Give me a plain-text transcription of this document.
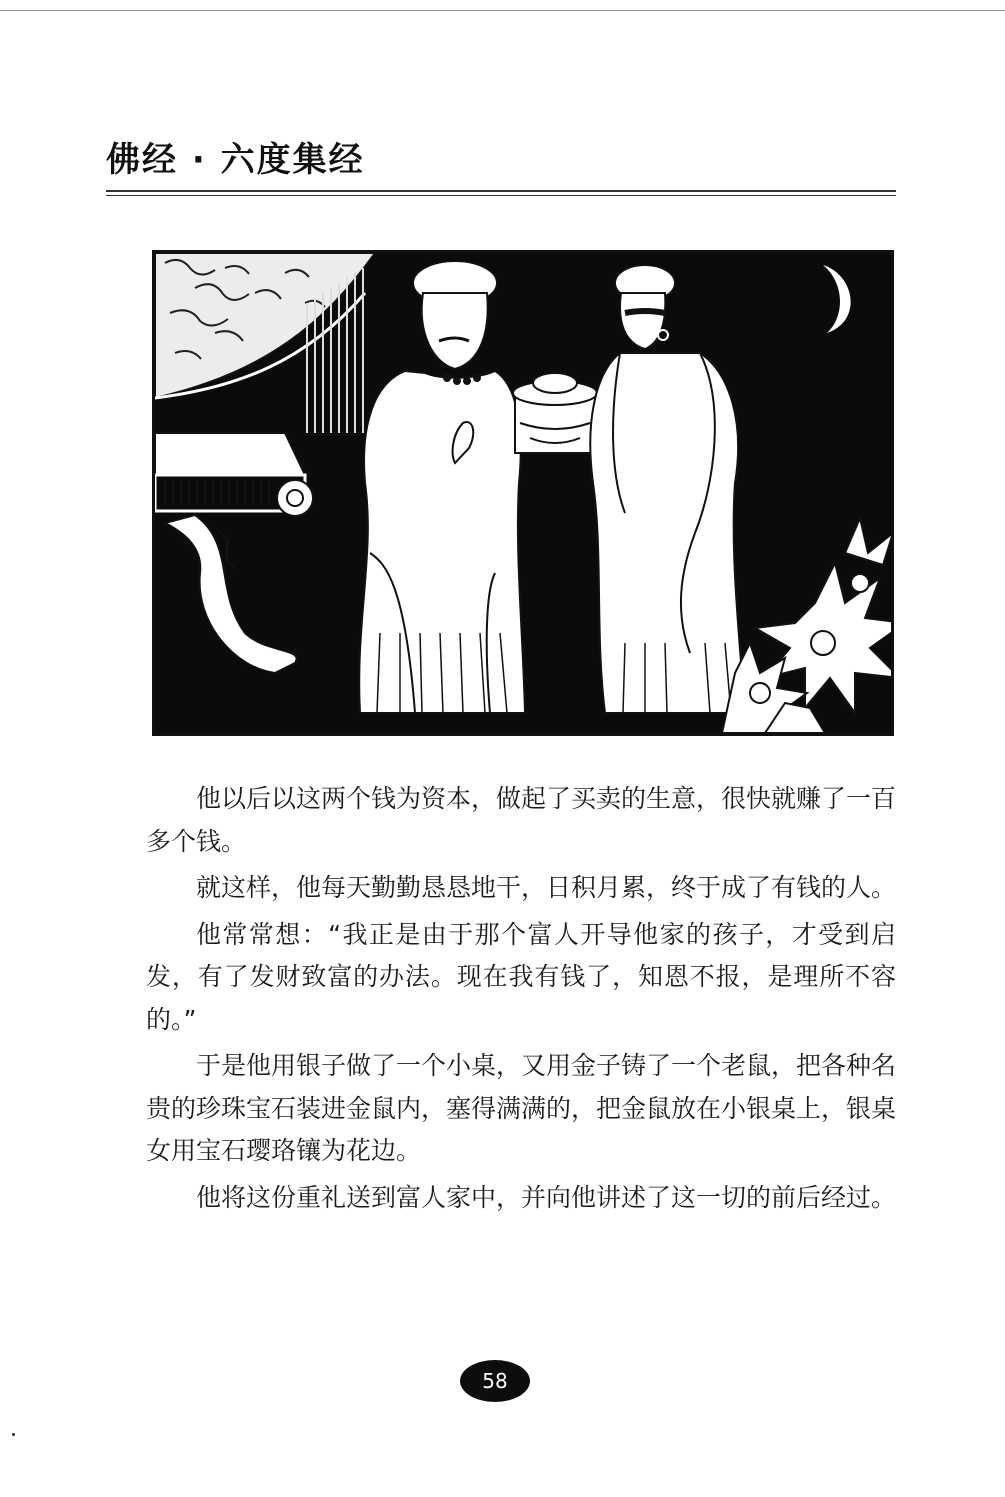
佛经 · 六度集经

他以后以这两个钱为资本，做起了买卖的生意，很快就赚了一百多个钱。

就这样，他每天勤勤恳恳地干，日积月累，终于成了有钱的人。

他常常想：“我正是由于那个富人开导他家的孩子，才受到启发，有了发财致富的办法。现在我有钱了，知恩不报，是理所不容的。”

于是他用银子做了一个小桌，又用金子铸了一个老鼠，把各种名贵的珍珠宝石装进金鼠内，塞得满满的，把金鼠放在小银桌上，银桌女用宝石璎珞镶为花边。

他将这份重礼送到富人家中，并向他讲述了这一切的前后经过。

58
